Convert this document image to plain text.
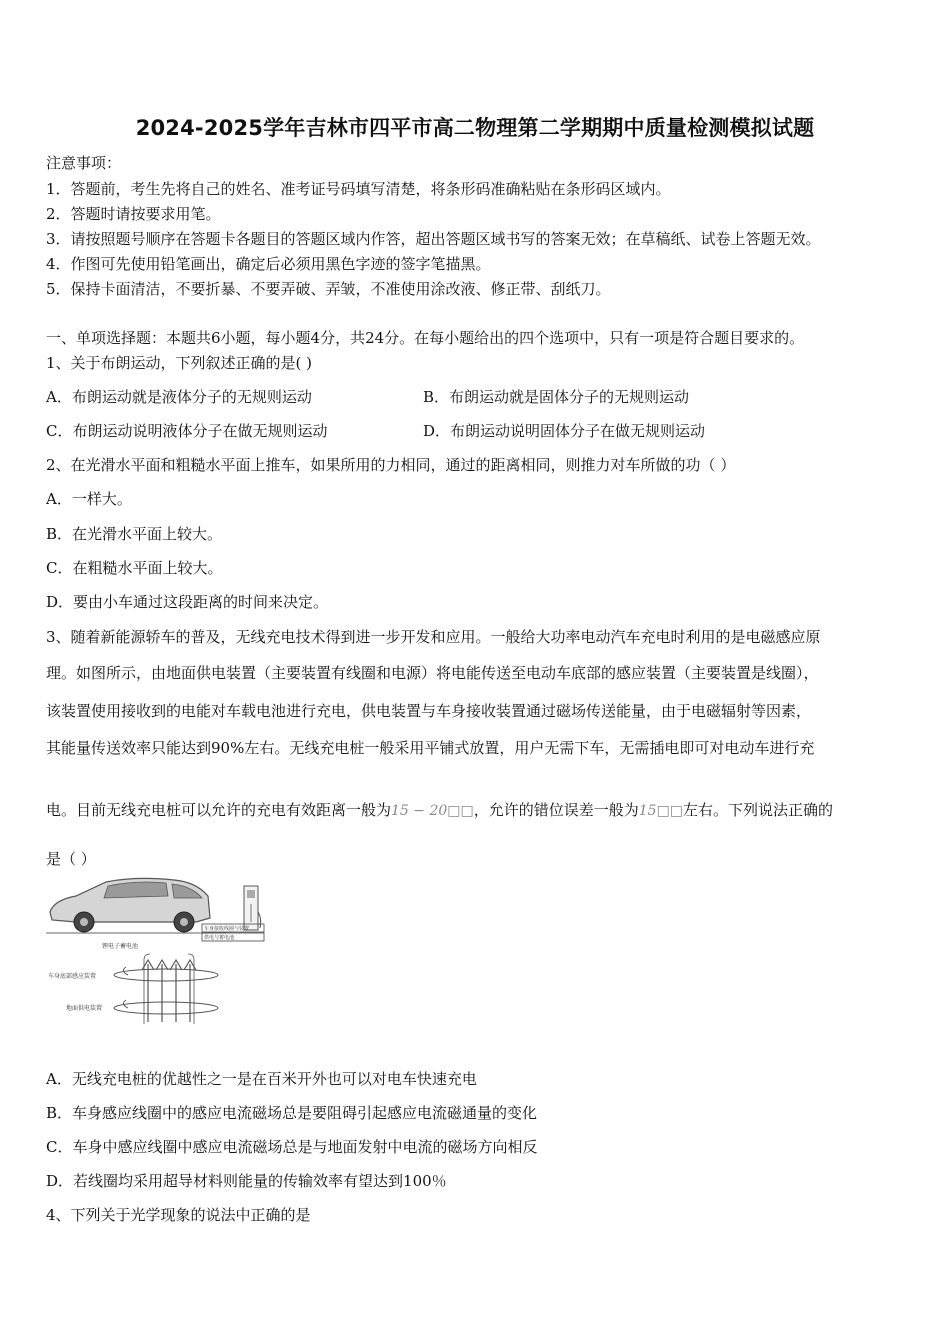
2024-2025学年吉林市四平市高二物理第二学期期中质量检测模拟试题
注意事项：
1．答题前，考生先将自己的姓名、准考证号码填写清楚，将条形码准确粘贴在条形码区域内。
2．答题时请按要求用笔。
3．请按照题号顺序在答题卡各题目的答题区域内作答，超出答题区域书写的答案无效；在草稿纸、试卷上答题无效。
4．作图可先使用铅笔画出，确定后必须用黑色字迹的签字笔描黑。
5．保持卡面清洁，不要折暴、不要弄破、弄皱，不准使用涂改液、修正带、刮纸刀。
一、单项选择题：本题共6小题，每小题4分，共24分。在每小题给出的四个选项中，只有一项是符合题目要求的。
1、关于布朗运动，下列叙述正确的是( )
A．布朗运动就是液体分子的无规则运动	B．布朗运动就是固体分子的无规则运动
C．布朗运动说明液体分子在做无规则运动	D．布朗运动说明固体分子在做无规则运动
2、在光滑水平面和粗糙水平面上推车，如果所用的力相同，通过的距离相同，则推力对车所做的功（ ）
A．一样大。
B．在光滑水平面上较大。
C．在粗糙水平面上较大。
D．要由小车通过这段距离的时间来决定。
3、随着新能源轿车的普及，无线充电技术得到进一步开发和应用。一般给大功率电动汽车充电时利用的是电磁感应原
理。如图所示，由地面供电装置（主要装置有线圈和电源）将电能传送至电动车底部的感应装置（主要装置是线圈），
该装置使用接收到的电能对车载电池进行充电，供电装置与车身接收装置通过磁场传送能量，由于电磁辐射等因素，
其能量传送效率只能达到90%左右。无线充电桩一般采用平铺式放置，用户无需下车，无需插电即可对电动车进行充
电。目前无线充电桩可以允许的充电有效距离一般为15 − 20□□，允许的错位误差一般为15□□左右。下列说法正确的
是（ ）
车身接收线圈与装置
供电与蓄电池
锂电子蓄电池
车身底部感应装置
地面供电装置
A．无线充电桩的优越性之一是在百米开外也可以对电车快速充电
B．车身感应线圈中的感应电流磁场总是要阻碍引起感应电流磁通量的变化
C．车身中感应线圈中感应电流磁场总是与地面发射中电流的磁场方向相反
D．若线圈均采用超导材料则能量的传输效率有望达到100％
4、下列关于光学现象的说法中正确的是
